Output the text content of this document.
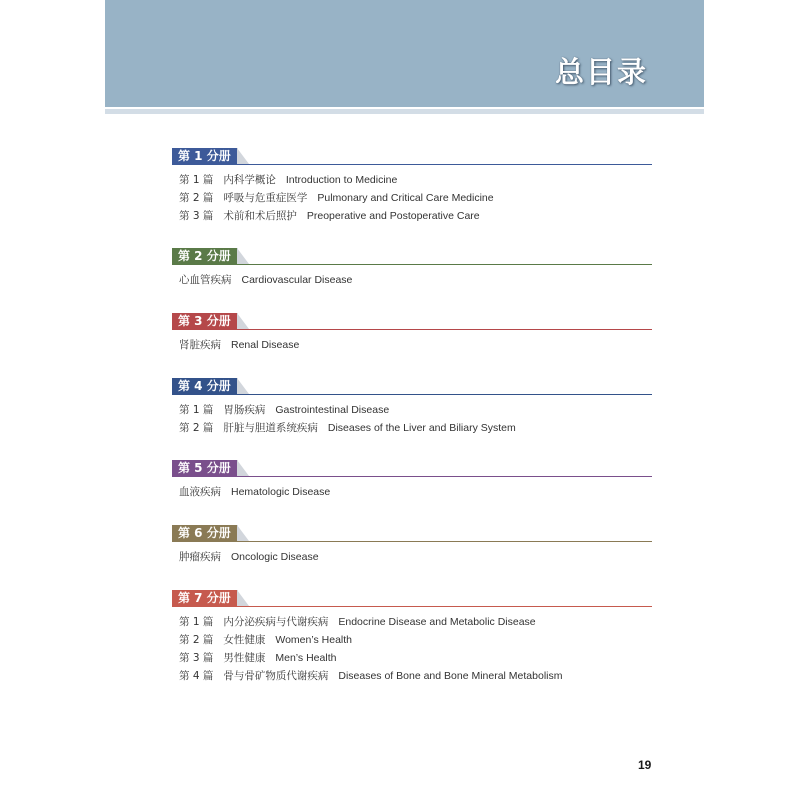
总目录
第 1 分册
第 1 篇 内科学概论 Introduction to Medicine
第 2 篇 呼吸与危重症医学 Pulmonary and Critical Care Medicine
第 3 篇 术前和术后照护 Preoperative and Postoperative Care
第 2 分册
心血管疾病 Cardiovascular Disease
第 3 分册
肾脏疾病 Renal Disease
第 4 分册
第 1 篇 胃肠疾病 Gastrointestinal Disease
第 2 篇 肝脏与胆道系统疾病 Diseases of the Liver and Biliary System
第 5 分册
血液疾病 Hematologic Disease
第 6 分册
肿瘤疾病 Oncologic Disease
第 7 分册
第 1 篇 内分泌疾病与代谢疾病 Endocrine Disease and Metabolic Disease
第 2 篇 女性健康 Women’s Health
第 3 篇 男性健康 Men’s Health
第 4 篇 骨与骨矿物质代谢疾病 Diseases of Bone and Bone Mineral Metabolism
19
